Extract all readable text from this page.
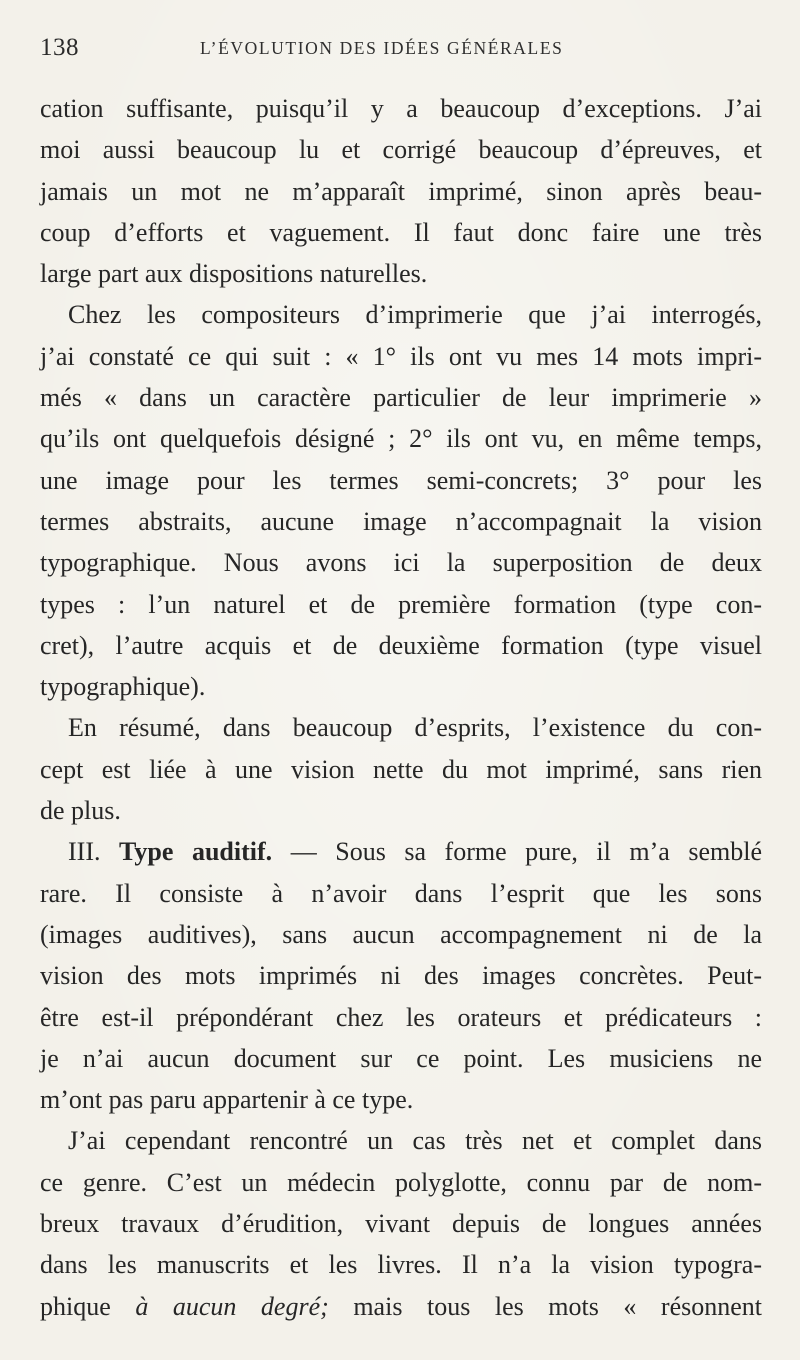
138	L’ÉVOLUTION DES IDÉES GÉNÉRALES
cation suffisante, puisqu’il y a beaucoup d’exceptions. J’ai
moi aussi beaucoup lu et corrigé beaucoup d’épreuves, et
jamais un mot ne m’apparaît imprimé, sinon après beau-
coup d’efforts et vaguement. Il faut donc faire une très
large part aux dispositions naturelles.
Chez les compositeurs d’imprimerie que j’ai interrogés,
j’ai constaté ce qui suit : « 1° ils ont vu mes 14 mots impri-
més « dans un caractère particulier de leur imprimerie »
qu’ils ont quelquefois désigné ; 2° ils ont vu, en même temps,
une image pour les termes semi-concrets; 3° pour les
termes abstraits, aucune image n’accompagnait la vision
typographique. Nous avons ici la superposition de deux
types : l’un naturel et de première formation (type con-
cret), l’autre acquis et de deuxième formation (type visuel
typographique).
En résumé, dans beaucoup d’esprits, l’existence du con-
cept est liée à une vision nette du mot imprimé, sans rien
de plus.
III. Type auditif. — Sous sa forme pure, il m’a semblé
rare. Il consiste à n’avoir dans l’esprit que les sons
(images auditives), sans aucun accompagnement ni de la
vision des mots imprimés ni des images concrètes. Peut-
être est-il prépondérant chez les orateurs et prédicateurs :
je n’ai aucun document sur ce point. Les musiciens ne
m’ont pas paru appartenir à ce type.
J’ai cependant rencontré un cas très net et complet dans
ce genre. C’est un médecin polyglotte, connu par de nom-
breux travaux d’érudition, vivant depuis de longues années
dans les manuscrits et les livres. Il n’a la vision typogra-
phique à aucun degré; mais tous les mots « résonnent
